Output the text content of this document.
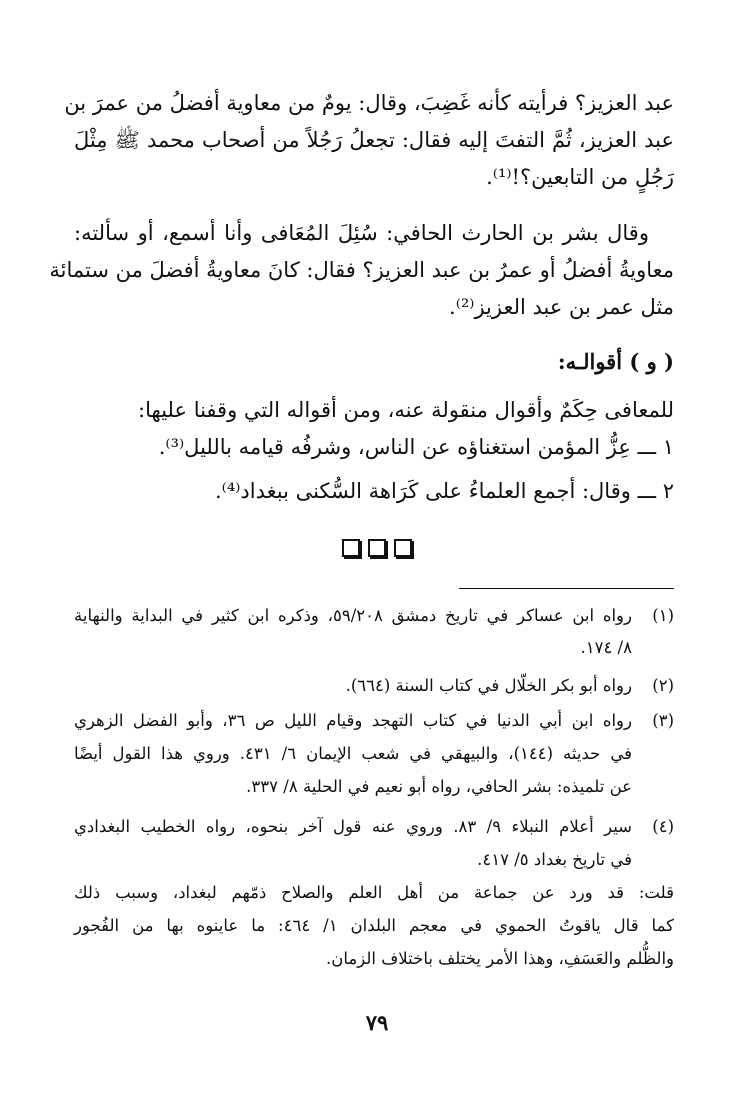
عبد العزيز؟ فرأيته كأنه غَضِبَ، وقال: يومٌ من معاوية أفضلُ من عمرَ بن
عبد العزيز، ثُمَّ التفتَ إليه فقال: تجعلُ رَجُلاً من أصحاب محمد ﷺ مِثْلَ
رَجُلٍ من التابعين؟!⁽¹⁾.
وقال بشر بن الحارث الحافي: سُئِلَ المُعَافى وأنا أسمع، أو سألته:
معاويةُ أفضلُ أو عمرُ بن عبد العزيز؟ فقال: كانَ معاويةُ أفضلَ من ستمائة
مثل عمر بن عبد العزيز⁽²⁾.
( و ) أقوالـه:
للمعافى حِكَمٌ وأقوال منقولة عنه، ومن أقواله التي وقفنا عليها:
١ ـــ عِزُّ المؤمن استغناؤه عن الناس، وشرفُه قيامه بالليل⁽³⁾.
٢ ـــ وقال: أجمع العلماءُ على كَرَاهة السُّكنى ببغداد⁽⁴⁾.
(١)
رواه ابن عساكر في تاريخ دمشق ٥٩/٢٠٨، وذكره ابن كثير في البداية والنهاية
٨/ ١٧٤.
(٢)
رواه أبو بكر الخلّال في كتاب السنة (٦٦٤).
(٣)
رواه ابن أبي الدنيا في كتاب التهجد وقيام الليل ص ٣٦، وأبو الفضل الزهري
في حديثه (١٤٤)، والبيهقي في شعب الإيمان ٦/ ٤٣١. وروي هذا القول أيضًا
عن تلميذه: بشر الحافي، رواه أبو نعيم في الحلية ٨/ ٣٣٧.
(٤)
سير أعلام النبلاء ٩/ ٨٣. وروي عنه قول آخر بنحوه، رواه الخطيب البغدادي
في تاريخ بغداد ٥/ ٤١٧.
قلت: قد ورد عن جماعة من أهل العلم والصلاح ذمّهم لبغداد، وسبب ذلك
كما قال ياقوتُ الحموي في معجم البلدان ١/ ٤٦٤: ما عاينوه بها من الفُجور
والظُّلم والعَسَفِ، وهذا الأمر يختلف باختلاف الزمان.
٧٩
